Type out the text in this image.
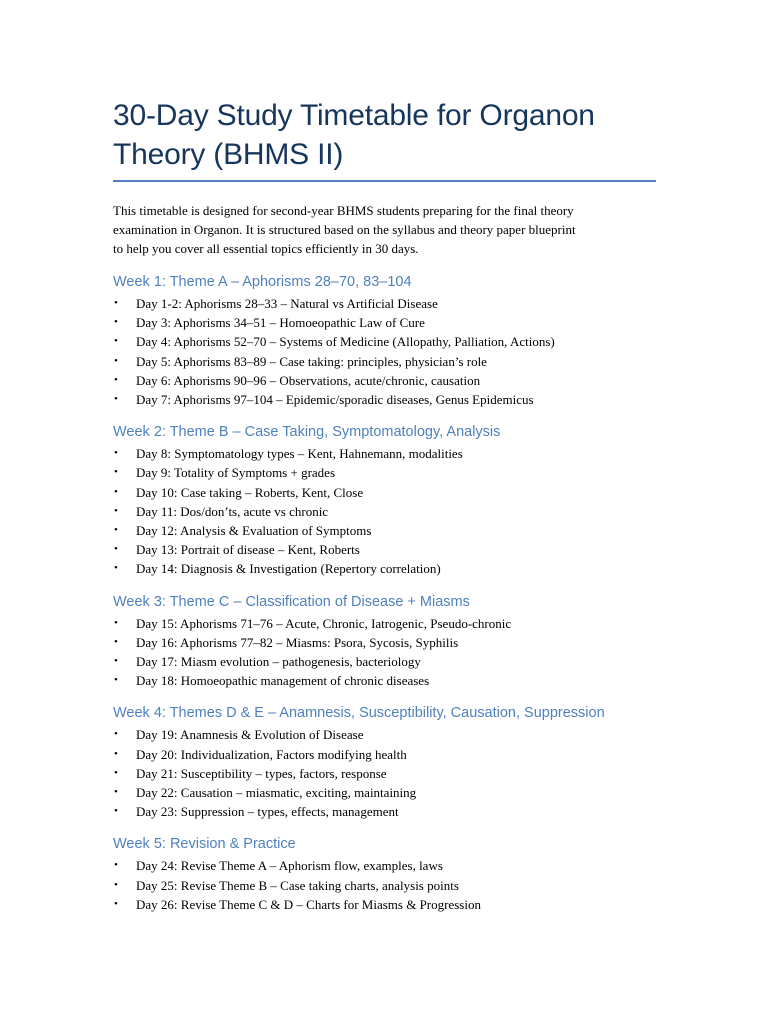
30-Day Study Timetable for Organon
Theory (BHMS II)

This timetable is designed for second-year BHMS students preparing for the final theory
examination in Organon. It is structured based on the syllabus and theory paper blueprint
to help you cover all essential topics efficiently in 30 days.

Week 1: Theme A – Aphorisms 28–70, 83–104
• Day 1-2: Aphorisms 28–33 – Natural vs Artificial Disease
• Day 3: Aphorisms 34–51 – Homoeopathic Law of Cure
• Day 4: Aphorisms 52–70 – Systems of Medicine (Allopathy, Palliation, Actions)
• Day 5: Aphorisms 83–89 – Case taking: principles, physician’s role
• Day 6: Aphorisms 90–96 – Observations, acute/chronic, causation
• Day 7: Aphorisms 97–104 – Epidemic/sporadic diseases, Genus Epidemicus
Week 2: Theme B – Case Taking, Symptomatology, Analysis
• Day 8: Symptomatology types – Kent, Hahnemann, modalities
• Day 9: Totality of Symptoms + grades
• Day 10: Case taking – Roberts, Kent, Close
• Day 11: Dos/don’ts, acute vs chronic
• Day 12: Analysis & Evaluation of Symptoms
• Day 13: Portrait of disease – Kent, Roberts
• Day 14: Diagnosis & Investigation (Repertory correlation)
Week 3: Theme C – Classification of Disease + Miasms
• Day 15: Aphorisms 71–76 – Acute, Chronic, Iatrogenic, Pseudo-chronic
• Day 16: Aphorisms 77–82 – Miasms: Psora, Sycosis, Syphilis
• Day 17: Miasm evolution – pathogenesis, bacteriology
• Day 18: Homoeopathic management of chronic diseases
Week 4: Themes D & E – Anamnesis, Susceptibility, Causation, Suppression
• Day 19: Anamnesis & Evolution of Disease
• Day 20: Individualization, Factors modifying health
• Day 21: Susceptibility – types, factors, response
• Day 22: Causation – miasmatic, exciting, maintaining
• Day 23: Suppression – types, effects, management
Week 5: Revision & Practice
• Day 24: Revise Theme A – Aphorism flow, examples, laws
• Day 25: Revise Theme B – Case taking charts, analysis points
• Day 26: Revise Theme C & D – Charts for Miasms & Progression
